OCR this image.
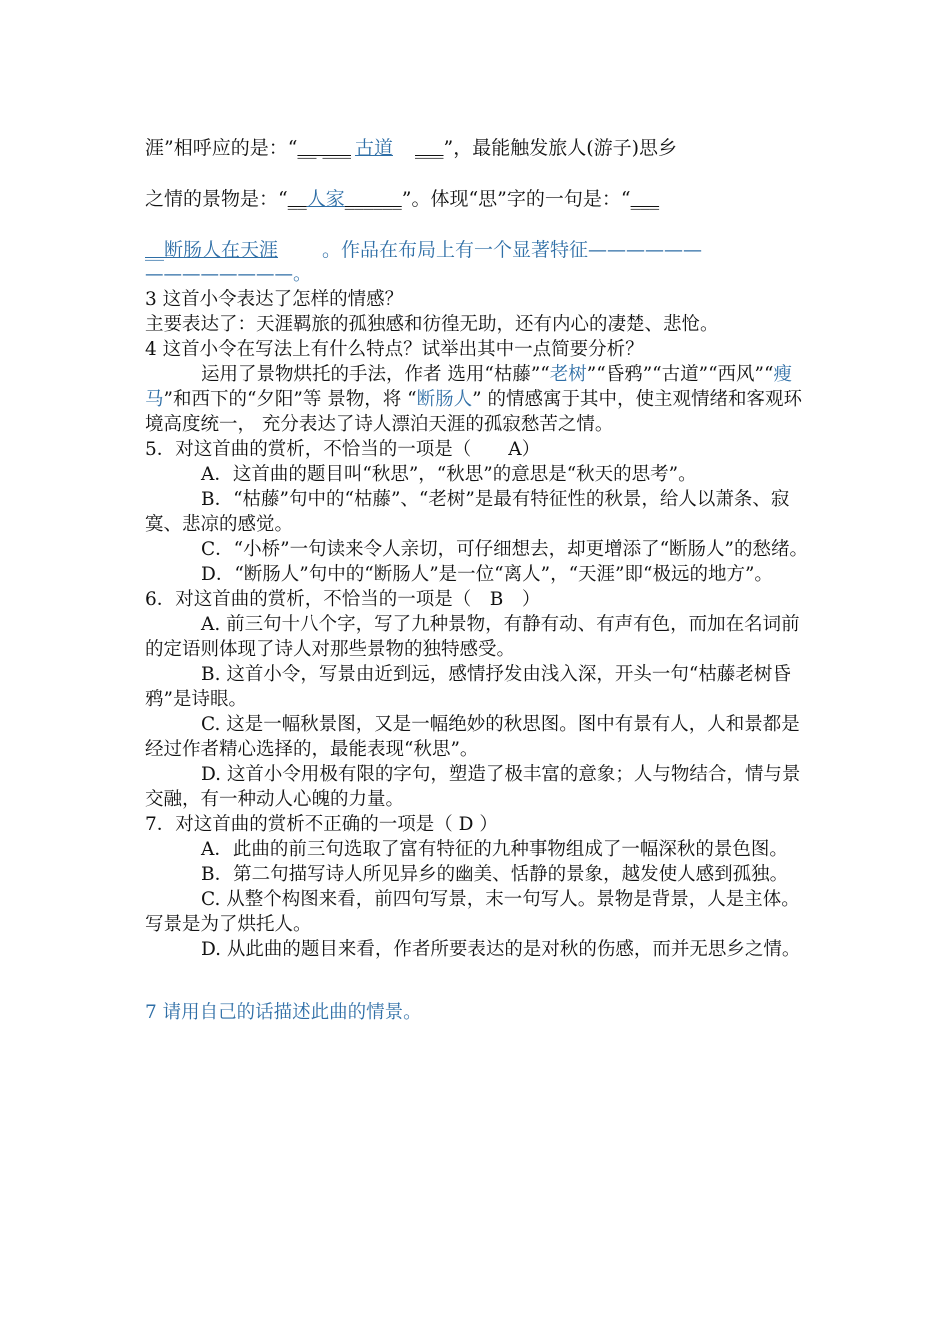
涯”相呼应的是：“__ ___ 古道 ___”，最能触发旅人(游子)思乡
之情的景物是：“__人家______”。体现“思”字的一句是：“___
__断肠人在天涯 。作品在布局上有一个显著特征——————
————————。

3 这首小令表达了怎样的情感？

主要表达了：天涯羁旅的孤独感和彷徨无助，还有内心的凄楚、悲怆。

4 这首小令在写法上有什么特点？试举出其中一点简要分析？

运用了景物烘托的手法，作者 选用“枯藤”“老树”“昏鸦”“古道”“西风”“瘦马”和西下的“夕阳”等 景物，将 “断肠人” 的情感寓于其中，使主观情绪和客观环境高度统一， 充分表达了诗人漂泊天涯的孤寂愁苦之情。

5．对这首曲的赏析，不恰当的一项是（　　A）

A．这首曲的题目叫“秋思”，“秋思”的意思是“秋天的思考”。

B．“枯藤”句中的“枯藤”、“老树”是最有特征性的秋景，给人以萧条、寂寞、悲凉的感觉。

C．“小桥”一句读来令人亲切，可仔细想去，却更增添了“断肠人”的愁绪。

D．“断肠人”句中的“断肠人”是一位“离人”，“天涯”即“极远的地方”。

6．对这首曲的赏析，不恰当的一项是（　B　）

A. 前三句十八个字，写了九种景物，有静有动、有声有色，而加在名词前的定语则体现了诗人对那些景物的独特感受。

B. 这首小令，写景由近到远，感情抒发由浅入深，开头一句“枯藤老树昏鸦”是诗眼。

C. 这是一幅秋景图，又是一幅绝妙的秋思图。图中有景有人，人和景都是经过作者精心选择的，最能表现“秋思”。

D. 这首小令用极有限的字句，塑造了极丰富的意象；人与物结合，情与景交融，有一种动人心魄的力量。

7．对这首曲的赏析不正确的一项是（ D ）

A．此曲的前三句选取了富有特征的九种事物组成了一幅深秋的景色图。

B．第二句描写诗人所见异乡的幽美、恬静的景象，越发使人感到孤独。

C. 从整个构图来看，前四句写景，末一句写人。景物是背景，人是主体。写景是为了烘托人。

D. 从此曲的题目来看，作者所要表达的是对秋的伤感，而并无思乡之情。

7 请用自己的话描述此曲的情景。
